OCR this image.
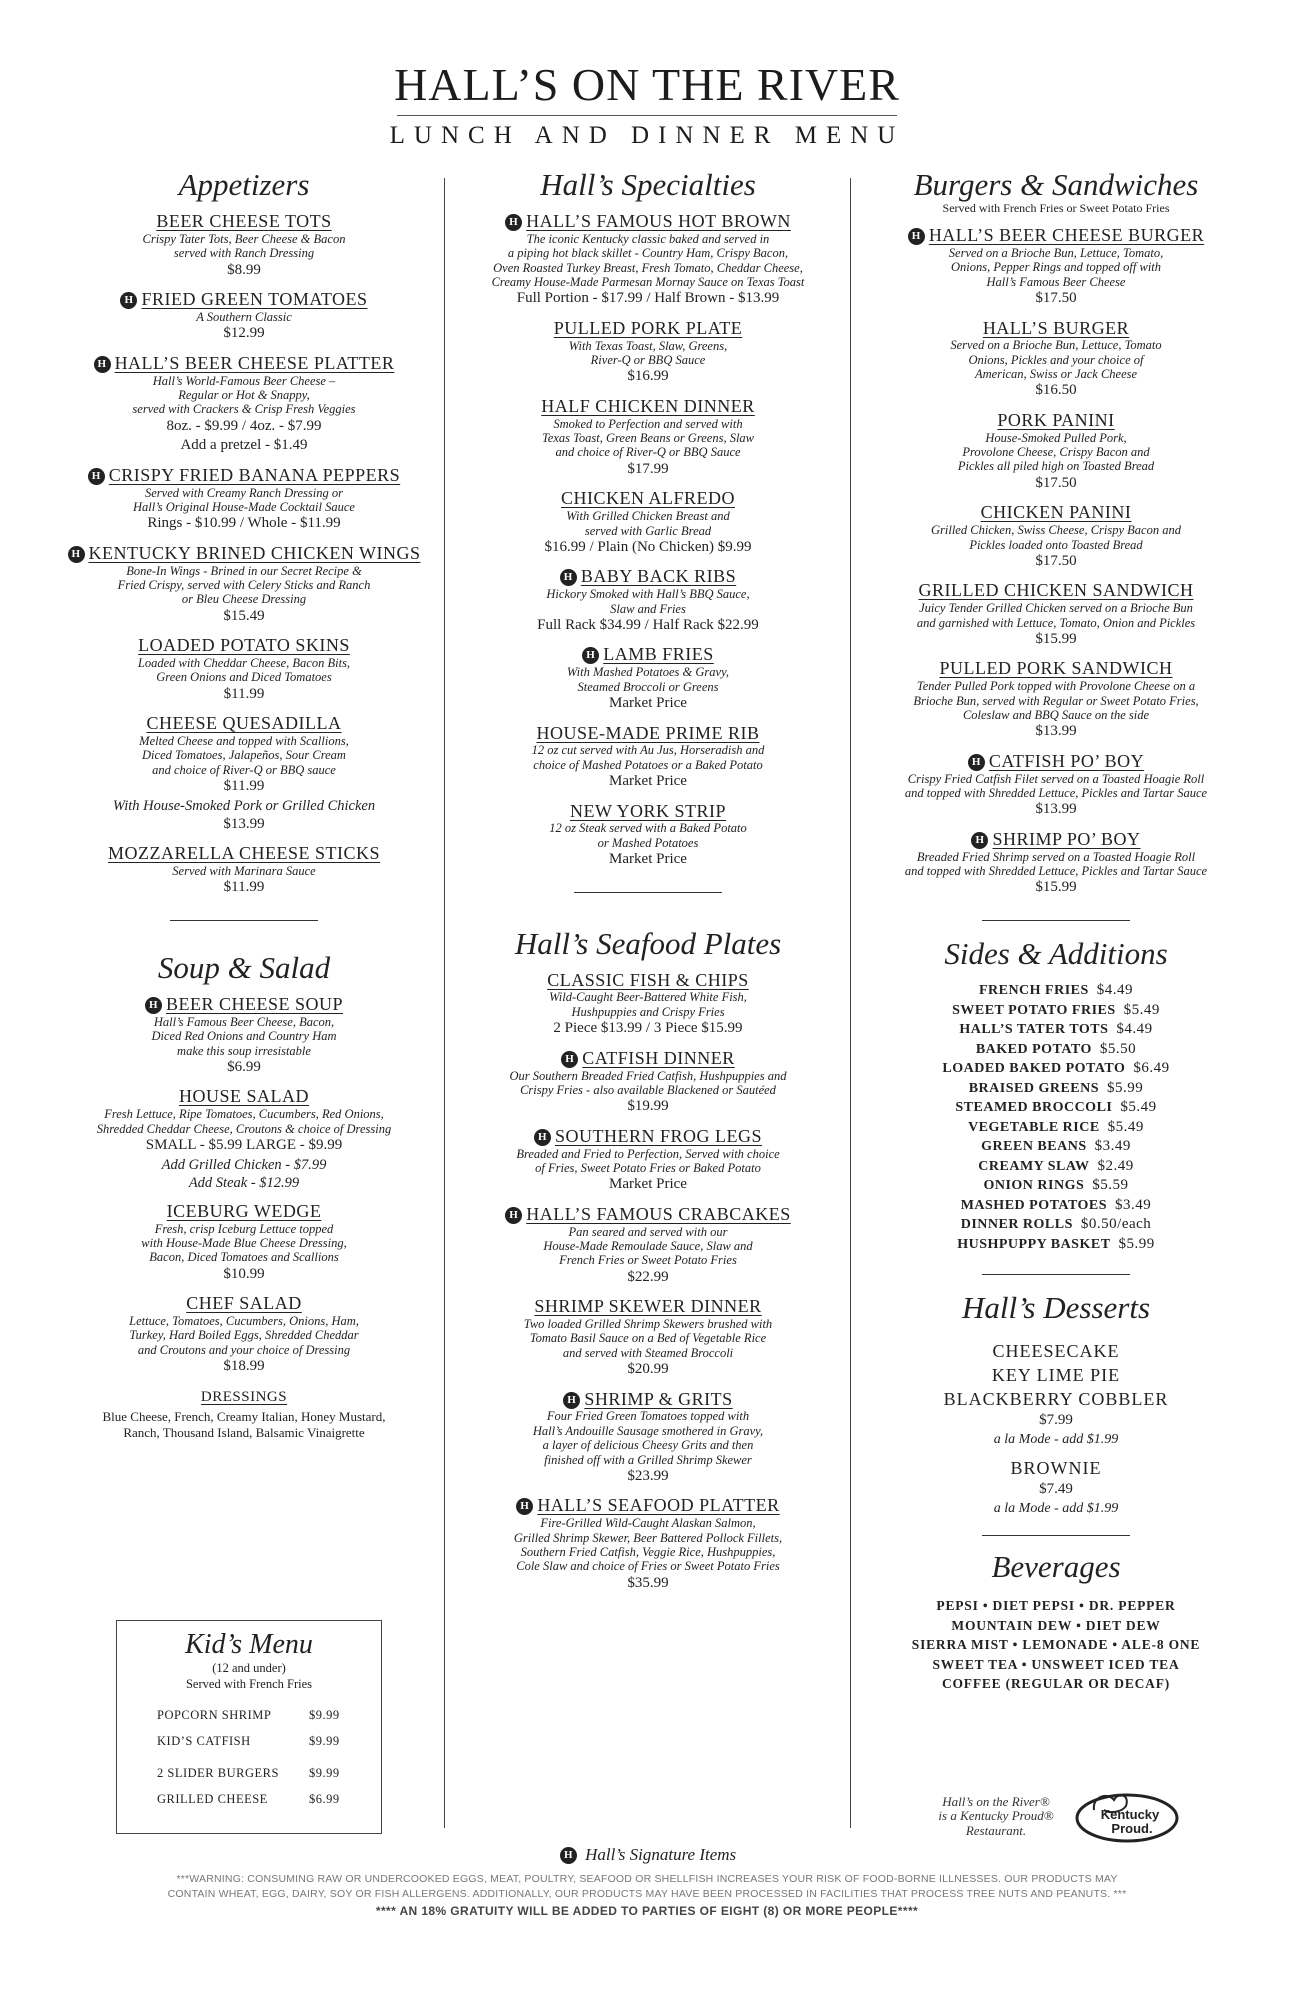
HALL’S ON THE RIVER
LUNCH AND DINNER MENU
Appetizers
BEER CHEESE TOTS
Crispy Tater Tots, Beer Cheese & Bacon
served with Ranch Dressing
$8.99
H FRIED GREEN TOMATOES
A Southern Classic
$12.99
H HALL’S BEER CHEESE PLATTER
Hall’s World-Famous Beer Cheese –
Regular or Hot & Snappy,
served with Crackers & Crisp Fresh Veggies
8oz. - $9.99 / 4oz. - $7.99
Add a pretzel - $1.49
H CRISPY FRIED BANANA PEPPERS
Served with Creamy Ranch Dressing or
Hall’s Original House-Made Cocktail Sauce
Rings - $10.99 / Whole - $11.99
H KENTUCKY BRINED CHICKEN WINGS
Bone-In Wings - Brined in our Secret Recipe &
Fried Crispy, served with Celery Sticks and Ranch
or Bleu Cheese Dressing
$15.49
LOADED POTATO SKINS
Loaded with Cheddar Cheese, Bacon Bits,
Green Onions and Diced Tomatoes
$11.99
CHEESE QUESADILLA
Melted Cheese and topped with Scallions,
Diced Tomatoes, Jalapeños, Sour Cream
and choice of River-Q or BBQ sauce
$11.99
With House-Smoked Pork or Grilled Chicken
$13.99
MOZZARELLA CHEESE STICKS
Served with Marinara Sauce
$11.99
Soup & Salad
H BEER CHEESE SOUP
Hall’s Famous Beer Cheese, Bacon,
Diced Red Onions and Country Ham
make this soup irresistable
$6.99
HOUSE SALAD
Fresh Lettuce, Ripe Tomatoes, Cucumbers, Red Onions,
Shredded Cheddar Cheese, Croutons & choice of Dressing
SMALL - $5.99 LARGE - $9.99
Add Grilled Chicken - $7.99
Add Steak - $12.99
ICEBURG WEDGE
Fresh, crisp Iceburg Lettuce topped
with House-Made Blue Cheese Dressing,
Bacon, Diced Tomatoes and Scallions
$10.99
CHEF SALAD
Lettuce, Tomatoes, Cucumbers, Onions, Ham,
Turkey, Hard Boiled Eggs, Shredded Cheddar
and Croutons and your choice of Dressing
$18.99
DRESSINGS
Blue Cheese, French, Creamy Italian, Honey Mustard,
Ranch, Thousand Island, Balsamic Vinaigrette
Kid’s Menu
(12 and under)
Served with French Fries
POPCORN SHRIMP	$9.99
KID’S CATFISH	$9.99
2 SLIDER BURGERS $9.99
GRILLED CHEESE	$6.99
Hall’s Specialties
H HALL’S FAMOUS HOT BROWN
The iconic Kentucky classic baked and served in
a piping hot black skillet - Country Ham, Crispy Bacon,
Oven Roasted Turkey Breast, Fresh Tomato, Cheddar Cheese,
Creamy House-Made Parmesan Mornay Sauce on Texas Toast
Full Portion - $17.99 / Half Brown - $13.99
PULLED PORK PLATE
With Texas Toast, Slaw, Greens,
River-Q or BBQ Sauce
$16.99
HALF CHICKEN DINNER
Smoked to Perfection and served with
Texas Toast, Green Beans or Greens, Slaw
and choice of River-Q or BBQ Sauce
$17.99
CHICKEN ALFREDO
With Grilled Chicken Breast and
served with Garlic Bread
$16.99 / Plain (No Chicken) $9.99
H BABY BACK RIBS
Hickory Smoked with Hall’s BBQ Sauce,
Slaw and Fries
Full Rack $34.99 / Half Rack $22.99
H LAMB FRIES
With Mashed Potatoes & Gravy,
Steamed Broccoli or Greens
Market Price
HOUSE-MADE PRIME RIB
12 oz cut served with Au Jus, Horseradish and
choice of Mashed Potatoes or a Baked Potato
Market Price
NEW YORK STRIP
12 oz Steak served with a Baked Potato
or Mashed Potatoes
Market Price
Hall’s Seafood Plates
CLASSIC FISH & CHIPS
Wild-Caught Beer-Battered White Fish,
Hushpuppies and Crispy Fries
2 Piece $13.99 / 3 Piece $15.99
H CATFISH DINNER
Our Southern Breaded Fried Catfish, Hushpuppies and
Crispy Fries - also available Blackened or Sautéed
$19.99
H SOUTHERN FROG LEGS
Breaded and Fried to Perfection, Served with choice
of Fries, Sweet Potato Fries or Baked Potato
Market Price
H HALL’S FAMOUS CRABCAKES
Pan seared and served with our
House-Made Remoulade Sauce, Slaw and
French Fries or Sweet Potato Fries
$22.99
SHRIMP SKEWER DINNER
Two loaded Grilled Shrimp Skewers brushed with
Tomato Basil Sauce on a Bed of Vegetable Rice
and served with Steamed Broccoli
$20.99
H SHRIMP & GRITS
Four Fried Green Tomatoes topped with
Hall’s Andouille Sausage smothered in Gravy,
a layer of delicious Cheesy Grits and then
finished off with a Grilled Shrimp Skewer
$23.99
H HALL’S SEAFOOD PLATTER
Fire-Grilled Wild-Caught Alaskan Salmon,
Grilled Shrimp Skewer, Beer Battered Pollock Fillets,
Southern Fried Catfish, Veggie Rice, Hushpuppies,
Cole Slaw and choice of Fries or Sweet Potato Fries
$35.99
H Hall’s Signature Items
Burgers & Sandwiches
Served with French Fries or Sweet Potato Fries
H HALL’S BEER CHEESE BURGER
Served on a Brioche Bun, Lettuce, Tomato,
Onions, Pepper Rings and topped off with
Hall’s Famous Beer Cheese
$17.50
HALL’S BURGER
Served on a Brioche Bun, Lettuce, Tomato
Onions, Pickles and your choice of
American, Swiss or Jack Cheese
$16.50
PORK PANINI
House-Smoked Pulled Pork,
Provolone Cheese, Crispy Bacon and
Pickles all piled high on Toasted Bread
$17.50
CHICKEN PANINI
Grilled Chicken, Swiss Cheese, Crispy Bacon and
Pickles loaded onto Toasted Bread
$17.50
GRILLED CHICKEN SANDWICH
Juicy Tender Grilled Chicken served on a Brioche Bun
and garnished with Lettuce, Tomato, Onion and Pickles
$15.99
PULLED PORK SANDWICH
Tender Pulled Pork topped with Provolone Cheese on a
Brioche Bun, served with Regular or Sweet Potato Fries,
Coleslaw and BBQ Sauce on the side
$13.99
H CATFISH PO’ BOY
Crispy Fried Catfish Filet served on a Toasted Hoagie Roll
and topped with Shredded Lettuce, Pickles and Tartar Sauce
$13.99
H SHRIMP PO’ BOY
Breaded Fried Shrimp served on a Toasted Hoagie Roll
and topped with Shredded Lettuce, Pickles and Tartar Sauce
$15.99
Sides & Additions
FRENCH FRIES $4.49
SWEET POTATO FRIES $5.49
HALL’S TATER TOTS $4.49
BAKED POTATO $5.50
LOADED BAKED POTATO $6.49
BRAISED GREENS $5.99
STEAMED BROCCOLI $5.49
VEGETABLE RICE $5.49
GREEN BEANS $3.49
CREAMY SLAW $2.49
ONION RINGS $5.59
MASHED POTATOES $3.49
DINNER ROLLS $0.50/each
HUSHPUPPY BASKET $5.99
Hall’s Desserts
CHEESECAKE
KEY LIME PIE
BLACKBERRY COBBLER
$7.99
a la Mode - add $1.99
BROWNIE
$7.49
a la Mode - add $1.99
Beverages
PEPSI • DIET PEPSI • DR. PEPPER
MOUNTAIN DEW • DIET DEW
SIERRA MIST • LEMONADE • ALE-8 ONE
SWEET TEA • UNSWEET ICED TEA
COFFEE (REGULAR OR DECAF)
Hall’s on the River®
is a Kentucky Proud®
Restaurant.
Kentucky
Proud.
***WARNING: CONSUMING RAW OR UNDERCOOKED EGGS, MEAT, POULTRY, SEAFOOD OR SHELLFISH INCREASES YOUR RISK OF FOOD-BORNE ILLNESSES. OUR PRODUCTS MAY
CONTAIN WHEAT, EGG, DAIRY, SOY OR FISH ALLERGENS. ADDITIONALLY, OUR PRODUCTS MAY HAVE BEEN PROCESSED IN FACILITIES THAT PROCESS TREE NUTS AND PEANUTS. ***
**** AN 18% GRATUITY WILL BE ADDED TO PARTIES OF EIGHT (8) OR MORE PEOPLE****
